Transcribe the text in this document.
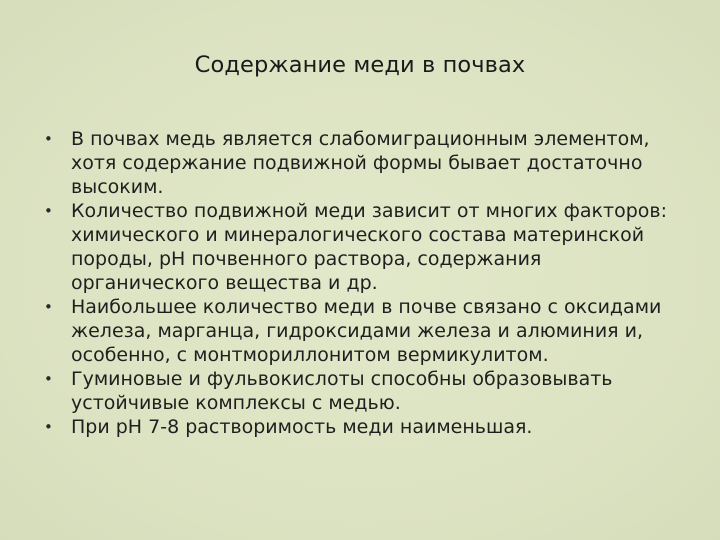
Содержание меди в почвах
• В почвах медь является слабомиграционным элементом, хотя содержание подвижной формы бывает достаточно высоким.
• Количество подвижной меди зависит от многих факторов: химического и минералогического состава материнской породы, рН почвенного раствора, содержания органического вещества и др.
• Наибольшее количество меди в почве связано с оксидами железа, марганца, гидроксидами железа и алюминия и, особенно, с монтмориллонитом вермикулитом.
• Гуминовые и фульвокислоты способны образовывать устойчивые комплексы с медью.
• При рН 7-8 растворимость меди наименьшая.
